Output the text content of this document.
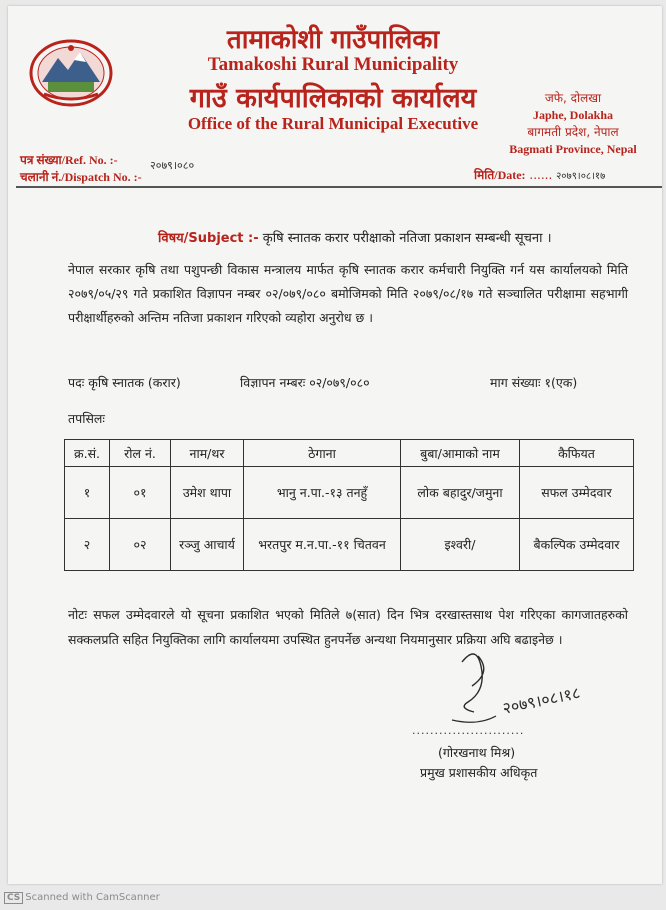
तामाकोशी गाउँपालिका
Tamakoshi Rural Municipality
गाउँ कार्यपालिकाको कार्यालय
Office of the Rural Municipal Executive
जफे, दोलखा
Japhe, Dolakha
बागमती प्रदेश, नेपाल
Bagmati Province, Nepal
पत्र संख्या/Ref. No. :-
चलानी नं./Dispatch No. :-
२०७९।०८०
मिति/Date: ...... २०७९।०८।१७
विषय/Subject :- कृषि स्नातक करार परीक्षाको नतिजा प्रकाशन सम्बन्धी सूचना ।
नेपाल सरकार कृषि तथा पशुपन्छी विकास मन्त्रालय मार्फत कृषि स्नातक करार कर्मचारी नियुक्ति गर्न यस कार्यालयको मिति २०७९/०५/२९ गते प्रकाशित विज्ञापन नम्बर ०२/०७९/०८० बमोजिमको मिति २०७९/०८/१७ गते सञ्चालित परीक्षामा सहभागी परीक्षार्थीहरुको अन्तिम नतिजा प्रकाशन गरिएको व्यहोरा अनुरोध छ ।
पदः कृषि स्नातक (करार)	विज्ञापन नम्बरः ०२/०७९/०८०	माग संख्याः १(एक)
तपसिलः
क्र.सं.	रोल नं.	नाम/थर	ठेगाना	बुबा/आमाको नाम	कैफियत
१	०१	उमेश थापा	भानु न.पा.-१३ तनहुँ	लोक बहादुर/जमुना	सफल उम्मेदवार
२	०२	रञ्जु आचार्य	भरतपुर म.न.पा.-११ चितवन	इश्वरी/	बैकल्पिक उम्मेदवार
नोटः सफल उम्मेदवारले यो सूचना प्रकाशित भएको मितिले ७(सात) दिन भित्र दरखास्तसाथ पेश गरिएका कागजातहरुको सक्कलप्रति सहित नियुक्तिका लागि कार्यालयमा उपस्थित हुनपर्नेछ अन्यथा नियमानुसार प्रक्रिया अघि बढाइनेछ ।
२०७९।०८।१८
.........................
(गोरखनाथ मिश्र)
प्रमुख प्रशासकीय अधिकृत
CS Scanned with CamScanner
